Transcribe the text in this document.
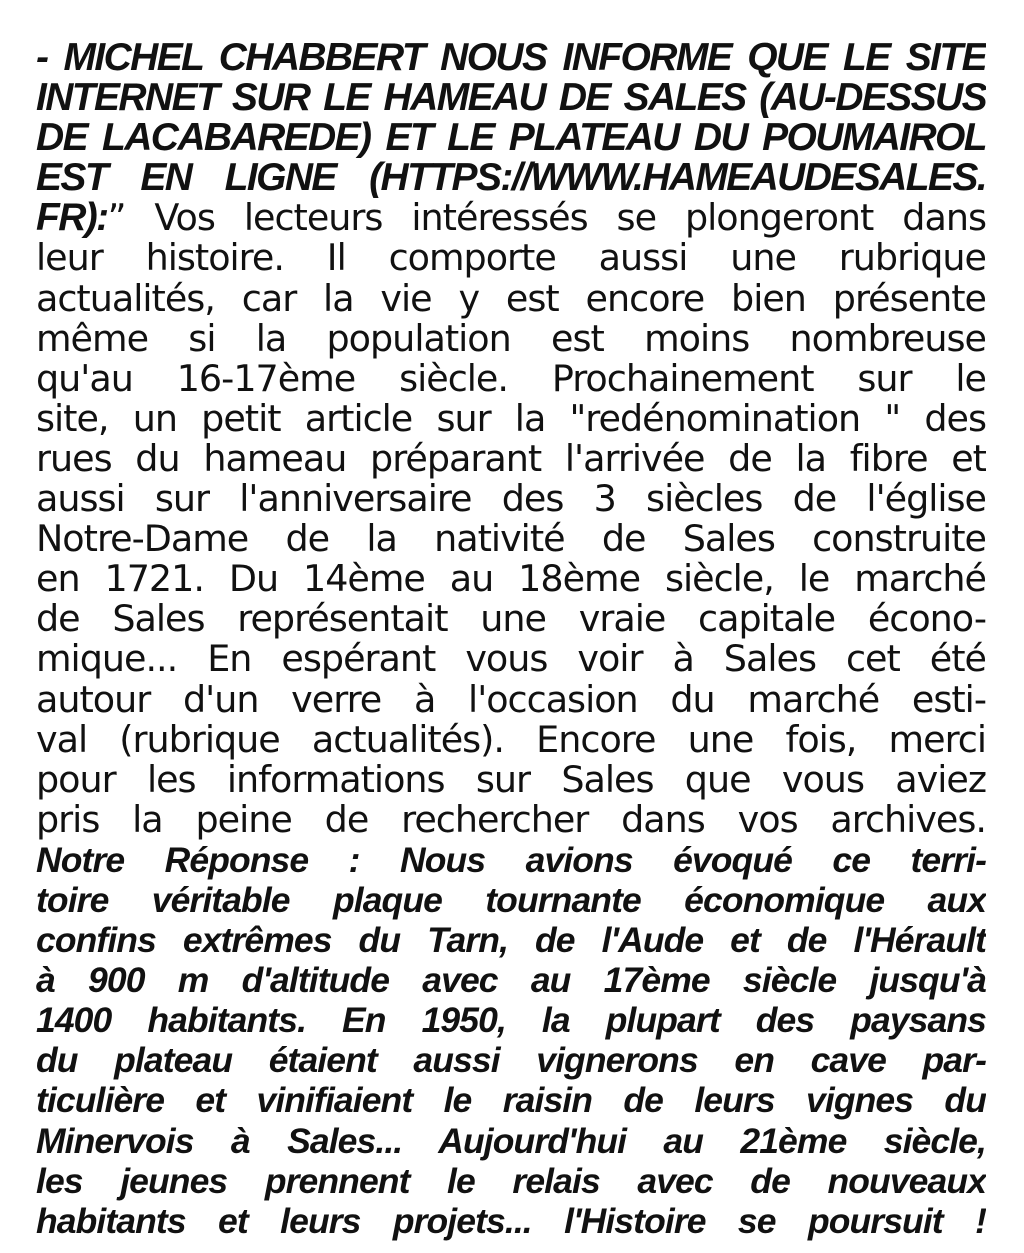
- MICHEL CHABBERT NOUS INFORME QUE LE SITE
INTERNET SUR LE HAMEAU DE SALES (AU-DESSUS
DE LACABAREDE) ET LE PLATEAU DU POUMAIROL
EST EN LIGNE (HTTPS://WWW.HAMEAUDESALES.
FR):” Vos lecteurs intéressés se plongeront dans
leur histoire. Il comporte aussi une rubrique
actualités, car la vie y est encore bien présente
même si la population est moins nombreuse
qu'au 16-17ème siècle. Prochainement sur le
site, un petit article sur la "redénomination " des
rues du hameau préparant l'arrivée de la fibre et
aussi sur l'anniversaire des 3 siècles de l'église
Notre-Dame de la nativité de Sales construite
en 1721. Du 14ème au 18ème siècle, le marché
de Sales représentait une vraie capitale écono-
mique... En espérant vous voir à Sales cet été
autour d'un verre à l'occasion du marché esti-
val (rubrique actualités). Encore une fois, merci
pour les informations sur Sales que vous aviez
pris la peine de rechercher dans vos archives.
Notre Réponse : Nous avions évoqué ce terri-
toire véritable plaque tournante économique aux
confins extrêmes du Tarn, de l'Aude et de l'Hérault
à 900 m d'altitude avec au 17ème siècle jusqu'à
1400 habitants. En 1950, la plupart des paysans
du plateau étaient aussi vignerons en cave par-
ticulière et vinifiaient le raisin de leurs vignes du
Minervois à Sales... Aujourd'hui au 21ème siècle,
les jeunes prennent le relais avec de nouveaux
habitants et leurs projets... l'Histoire se poursuit !
